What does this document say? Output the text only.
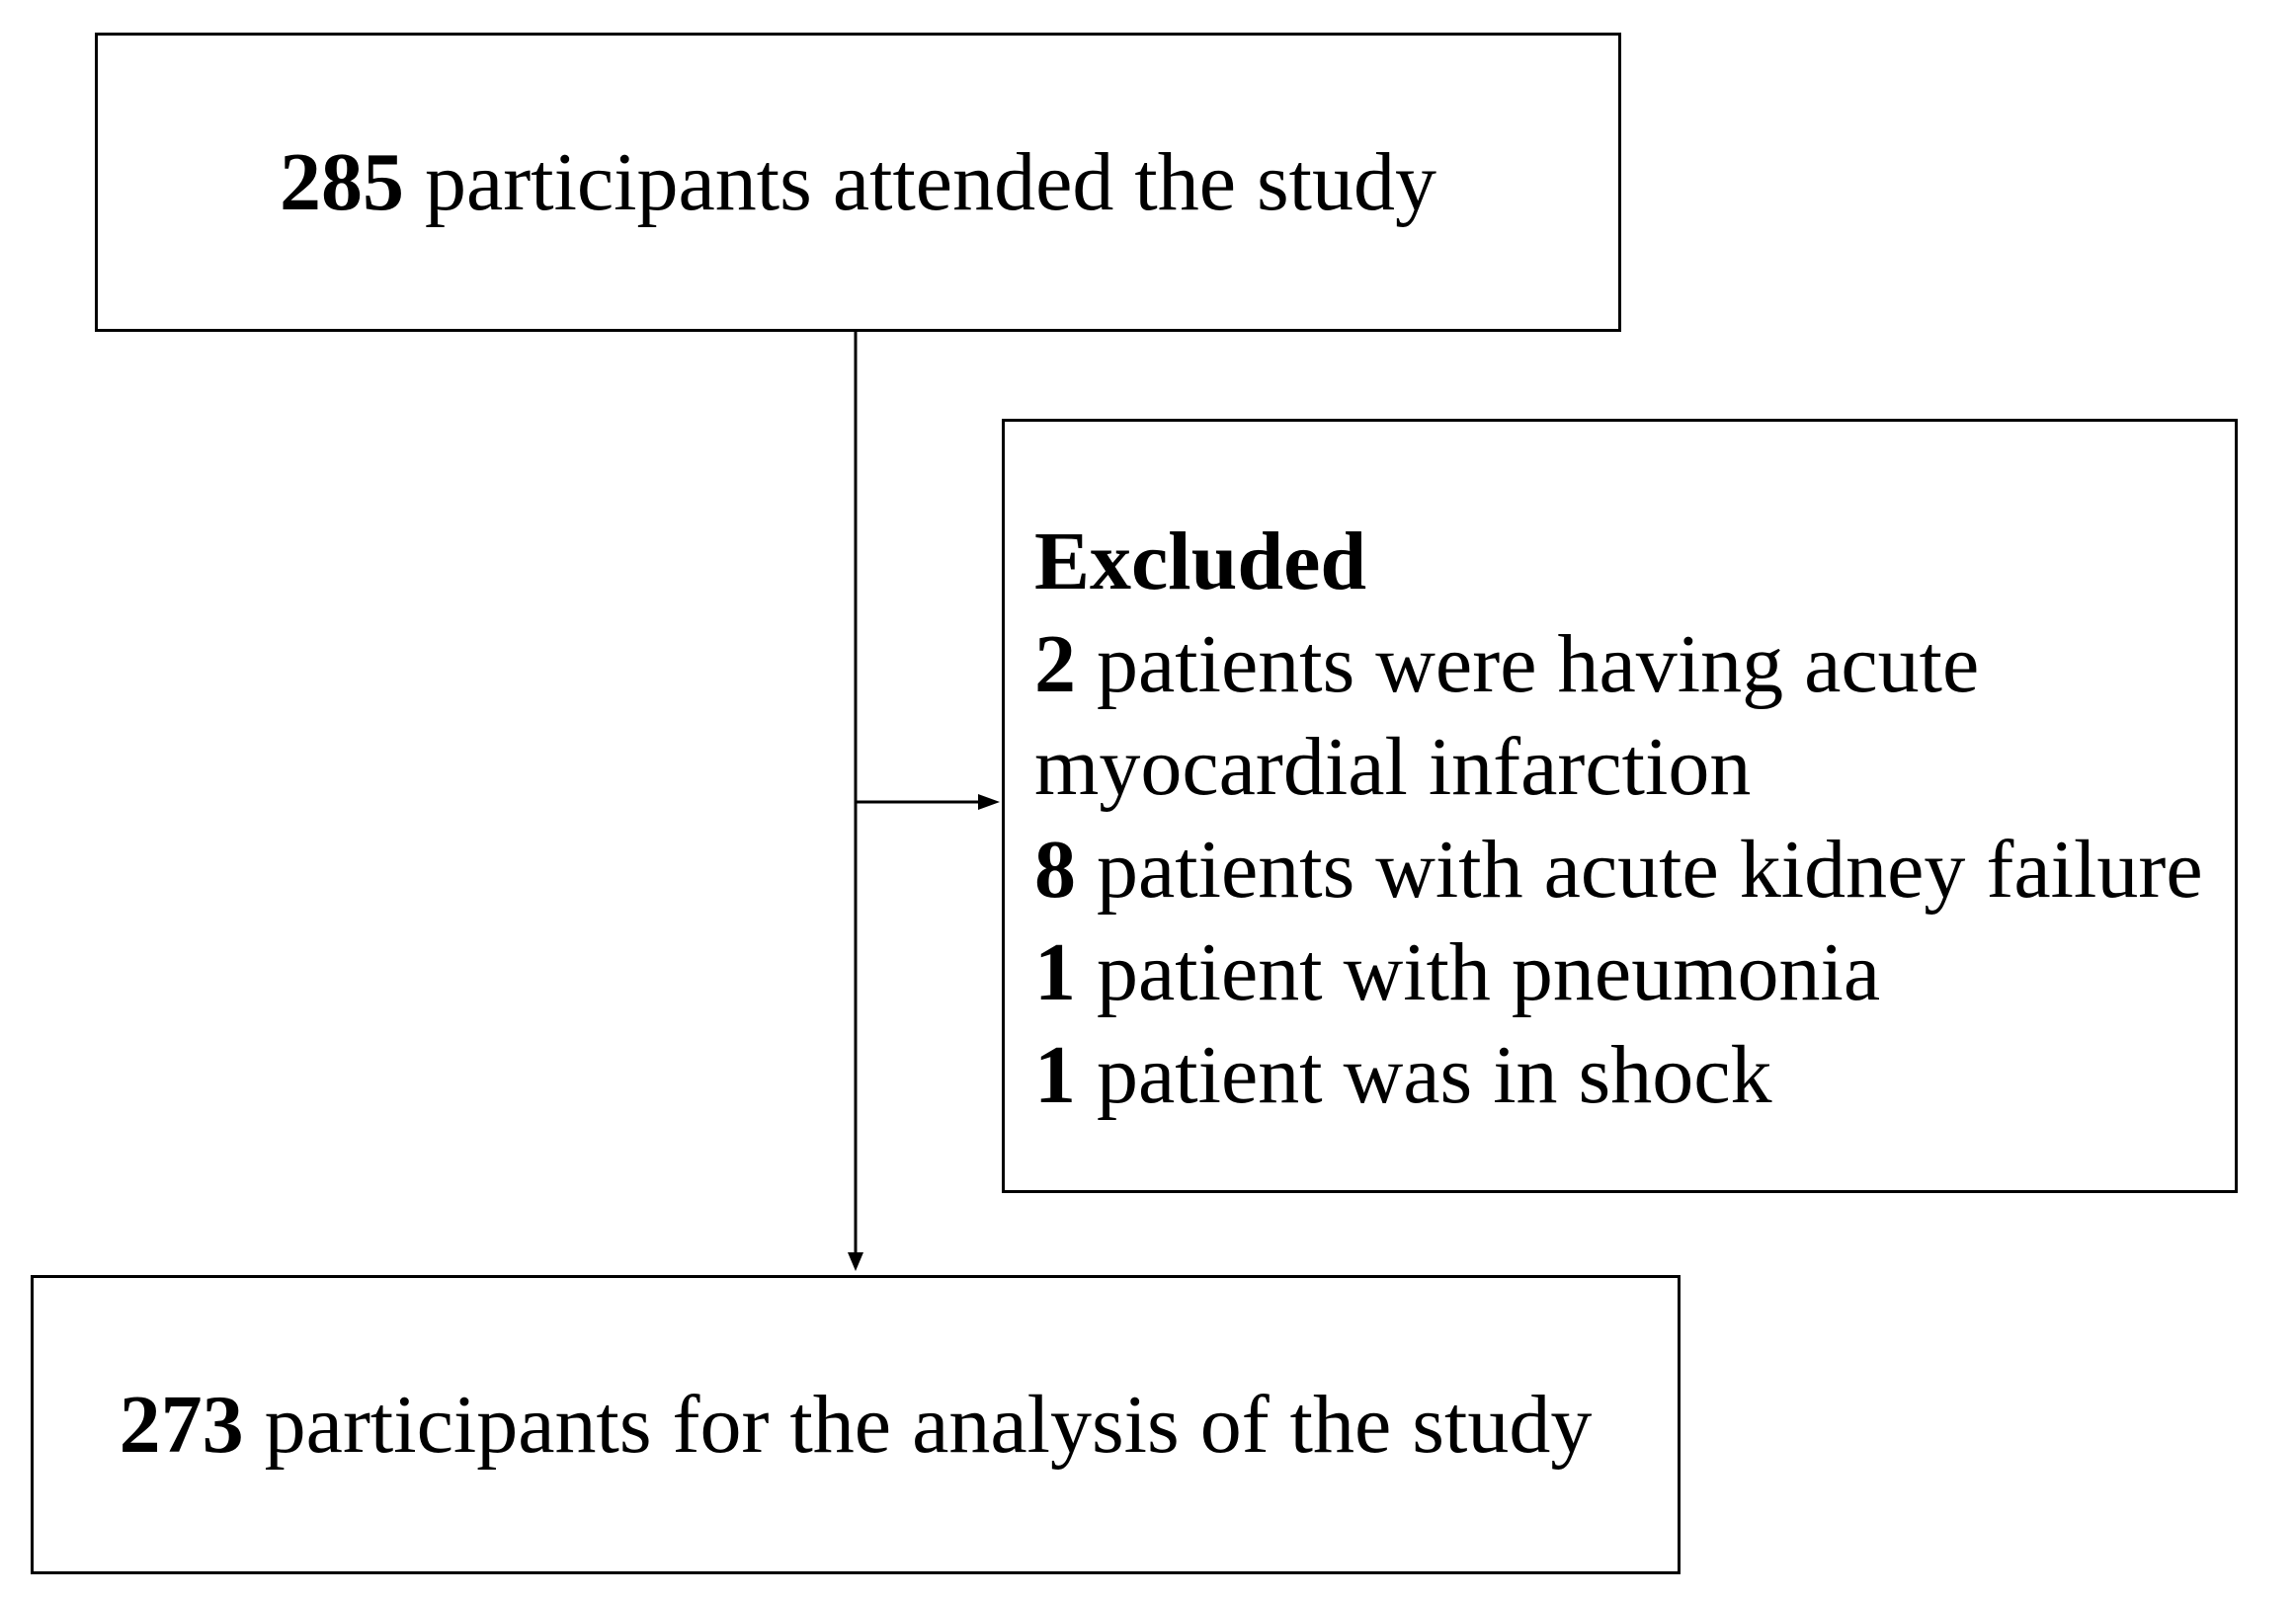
285 participants attended the study
Excluded
2 patients were having acute
myocardial infarction
8 patients with acute kidney failure
1 patient with pneumonia
1 patient was in shock
273 participants for the analysis of the study
